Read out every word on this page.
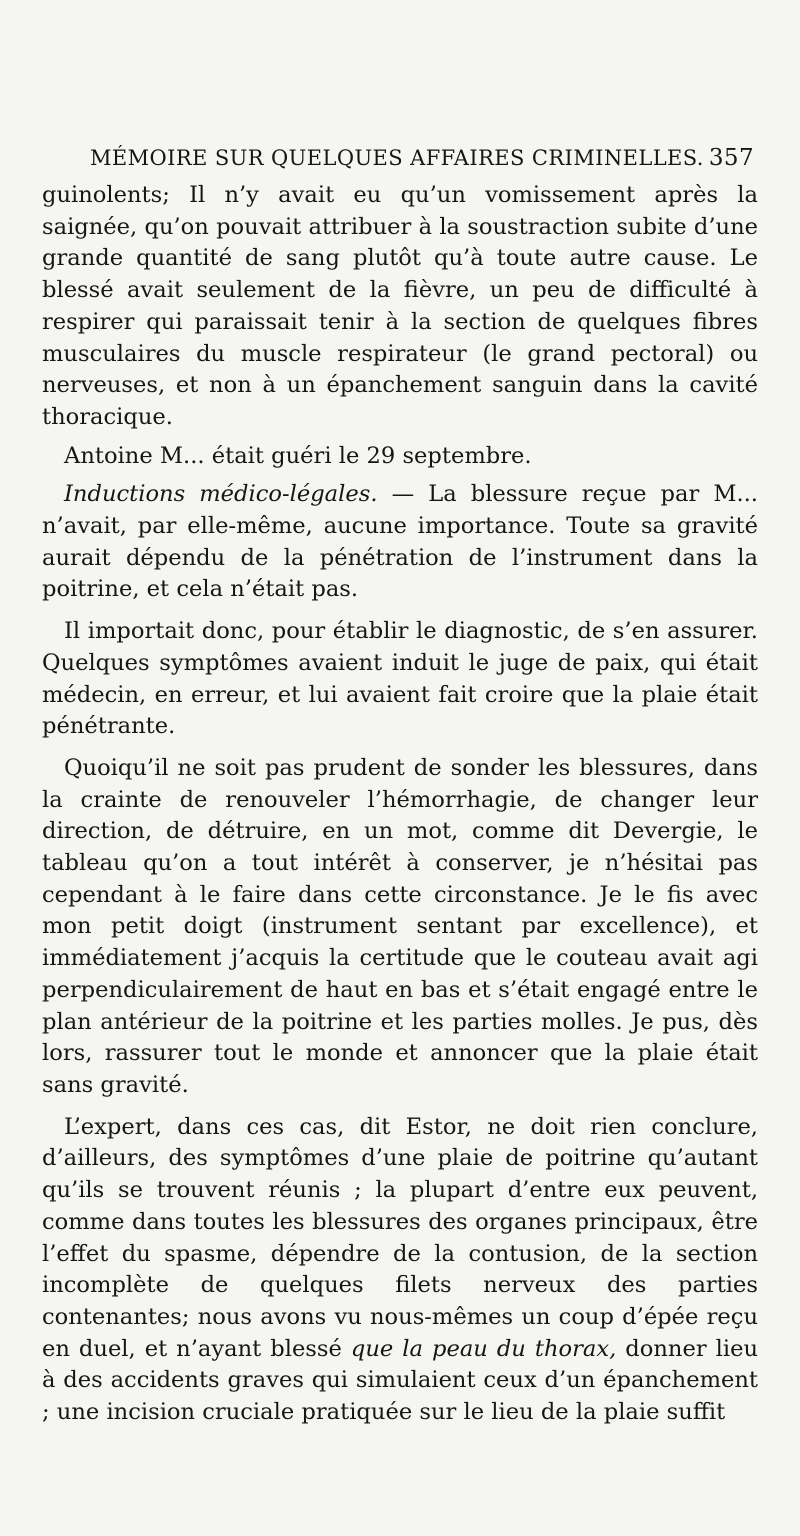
MÉMOIRE SUR QUELQUES AFFAIRES CRIMINELLES. 357

guinolents; Il n’y avait eu qu’un vomissement après la saignée, qu’on pouvait attribuer à la soustraction subite d’une grande quantité de sang plutôt qu’à toute autre cause. Le blessé avait seulement de la fièvre, un peu de difficulté à respirer qui paraissait tenir à la section de quelques fibres musculaires du muscle respirateur (le grand pectoral) ou nerveuses, et non à un épanchement sanguin dans la cavité thoracique.

Antoine M... était guéri le 29 septembre.

Inductions médico-légales. — La blessure reçue par M... n’avait, par elle-même, aucune importance. Toute sa gravité aurait dépendu de la pénétration de l’instrument dans la poitrine, et cela n’était pas.

Il importait donc, pour établir le diagnostic, de s’en assurer. Quelques symptômes avaient induit le juge de paix, qui était médecin, en erreur, et lui avaient fait croire que la plaie était pénétrante.

Quoiqu’il ne soit pas prudent de sonder les blessures, dans la crainte de renouveler l’hémorrhagie, de changer leur direction, de détruire, en un mot, comme dit Devergie, le tableau qu’on a tout intérêt à conserver, je n’hésitai pas cependant à le faire dans cette circonstance. Je le fis avec mon petit doigt (instrument sentant par excellence), et immédiatement j’acquis la certitude que le couteau avait agi perpendiculairement de haut en bas et s’était engagé entre le plan antérieur de la poitrine et les parties molles. Je pus, dès lors, rassurer tout le monde et annoncer que la plaie était sans gravité.

L’expert, dans ces cas, dit Estor, ne doit rien conclure, d’ailleurs, des symptômes d’une plaie de poitrine qu’autant qu’ils se trouvent réunis ; la plupart d’entre eux peuvent, comme dans toutes les blessures des organes principaux, être l’effet du spasme, dépendre de la contusion, de la section incomplète de quelques filets nerveux des parties contenantes; nous avons vu nous-mêmes un coup d’épée reçu en duel, et n’ayant blessé que la peau du thorax, donner lieu à des accidents graves qui simulaient ceux d’un épanchement ; une incision cruciale pratiquée sur le lieu de la plaie suffit
